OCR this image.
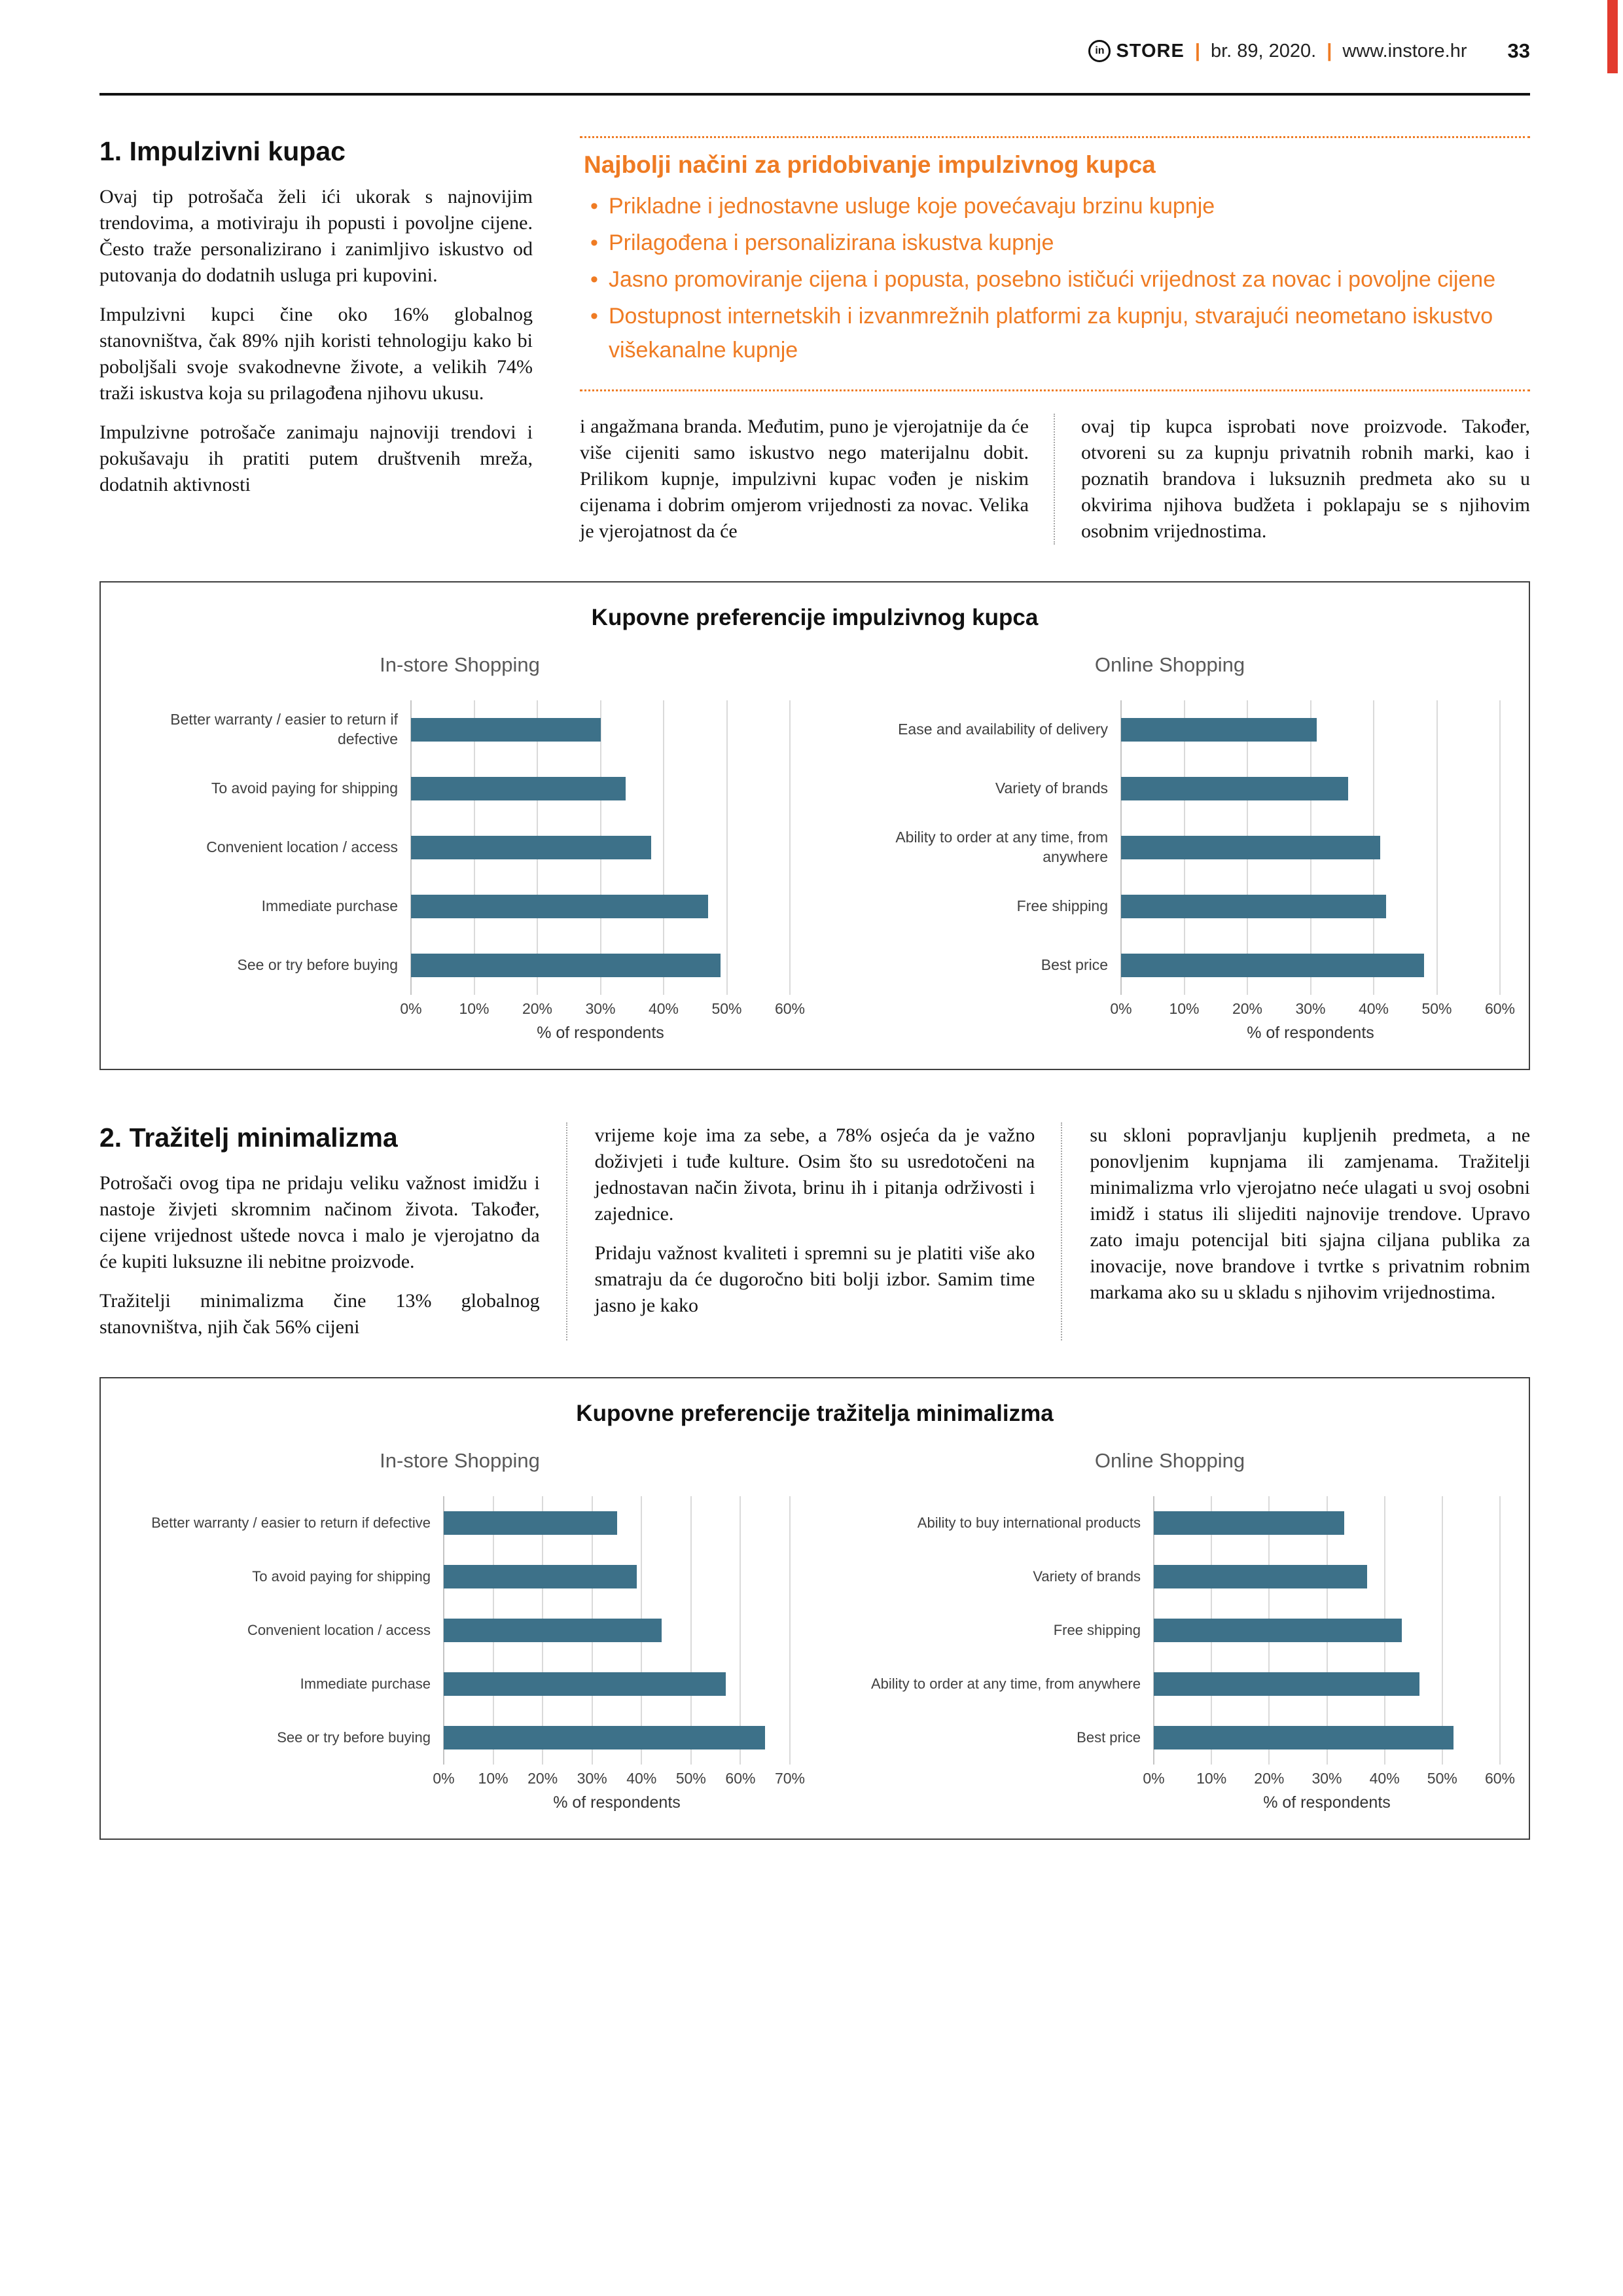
in STORE | br. 89, 2020. | www.instore.hr 33
1. Impulzivni kupac

Ovaj tip potrošača želi ići ukorak s najnovijim trendovima, a motiviraju ih popusti i povoljne cijene. Često traže personalizirano i zanimljivo iskustvo od putovanja do dodatnih usluga pri kupovini.

Impulzivni kupci čine oko 16% globalnog stanovništva, čak 89% njih koristi tehnologiju kako bi poboljšali svoje svakodnevne živote, a velikih 74% traži iskustva koja su prilagođena njihovu ukusu.

Impulzivne potrošače zanimaju najnoviji trendovi i pokušavaju ih pratiti putem društvenih mreža, dodatnih aktivnosti

Najbolji načini za pridobivanje impulzivnog kupca
• Prikladne i jednostavne usluge koje povećavaju brzinu kupnje
• Prilagođena i personalizirana iskustva kupnje
• Jasno promoviranje cijena i popusta, posebno ističući vrijednost za novac i povoljne cijene
• Dostupnost internetskih i izvanmrežnih platformi za kupnju, stvarajući neometano iskustvo višekanalne kupnje

i angažmana branda. Međutim, puno je vjerojatnije da će više cijeniti samo iskustvo nego materijalnu dobit. Prilikom kupnje, impulzivni kupac vođen je niskim cijenama i dobrim omjerom vrijednosti za novac. Velika je vjerojatnost da će

ovaj tip kupca isprobati nove proizvode. Također, otvoreni su za kupnju privatnih robnih marki, kao i poznatih brandova i luksuznih predmeta ako su u okvirima njihova budžeta i poklapaju se s njihovim osobnim vrijednostima.

Kupovne preferencije impulzivnog kupca
In-store Shopping
Better warranty / easier to return if defective
To avoid paying for shipping
Convenient location / access
Immediate purchase
See or try before buying
0% 10% 20% 30% 40% 50% 60%
% of respondents
Online Shopping
Ease and availability of delivery
Variety of brands
Ability to order at any time, from anywhere
Free shipping
Best price
0% 10% 20% 30% 40% 50% 60%
% of respondents
2. Tražitelj minimalizma

Potrošači ovog tipa ne pridaju veliku važnost imidžu i nastoje živjeti skromnim načinom života. Također, cijene vrijednost uštede novca i malo je vjerojatno da će kupiti luksuzne ili nebitne proizvode.

Tražitelji minimalizma čine 13% globalnog stanovništva, njih čak 56% cijeni

vrijeme koje ima za sebe, a 78% osjeća da je važno doživjeti i tuđe kulture. Osim što su usredotočeni na jednostavan način života, brinu ih i pitanja održivosti i zajednice.

Pridaju važnost kvaliteti i spremni su je platiti više ako smatraju da će dugoročno biti bolji izbor. Samim time jasno je kako

su skloni popravljanju kupljenih predmeta, a ne ponovljenim kupnjama ili zamjenama. Tražitelji minimalizma vrlo vjerojatno neće ulagati u svoj osobni imidž i status ili slijediti najnovije trendove. Upravo zato imaju potencijal biti sjajna ciljana publika za inovacije, nove brandove i tvrtke s privatnim robnim markama ako su u skladu s njihovim vrijednostima.

Kupovne preferencije tražitelja minimalizma
In-store Shopping
Better warranty / easier to return if defective
To avoid paying for shipping
Convenient location / access
Immediate purchase
See or try before buying
0% 10% 20% 30% 40% 50% 60% 70%
% of respondents
Online Shopping
Ability to buy international products
Variety of brands
Free shipping
Ability to order at any time, from anywhere
Best price
0% 10% 20% 30% 40% 50% 60%
% of respondents
